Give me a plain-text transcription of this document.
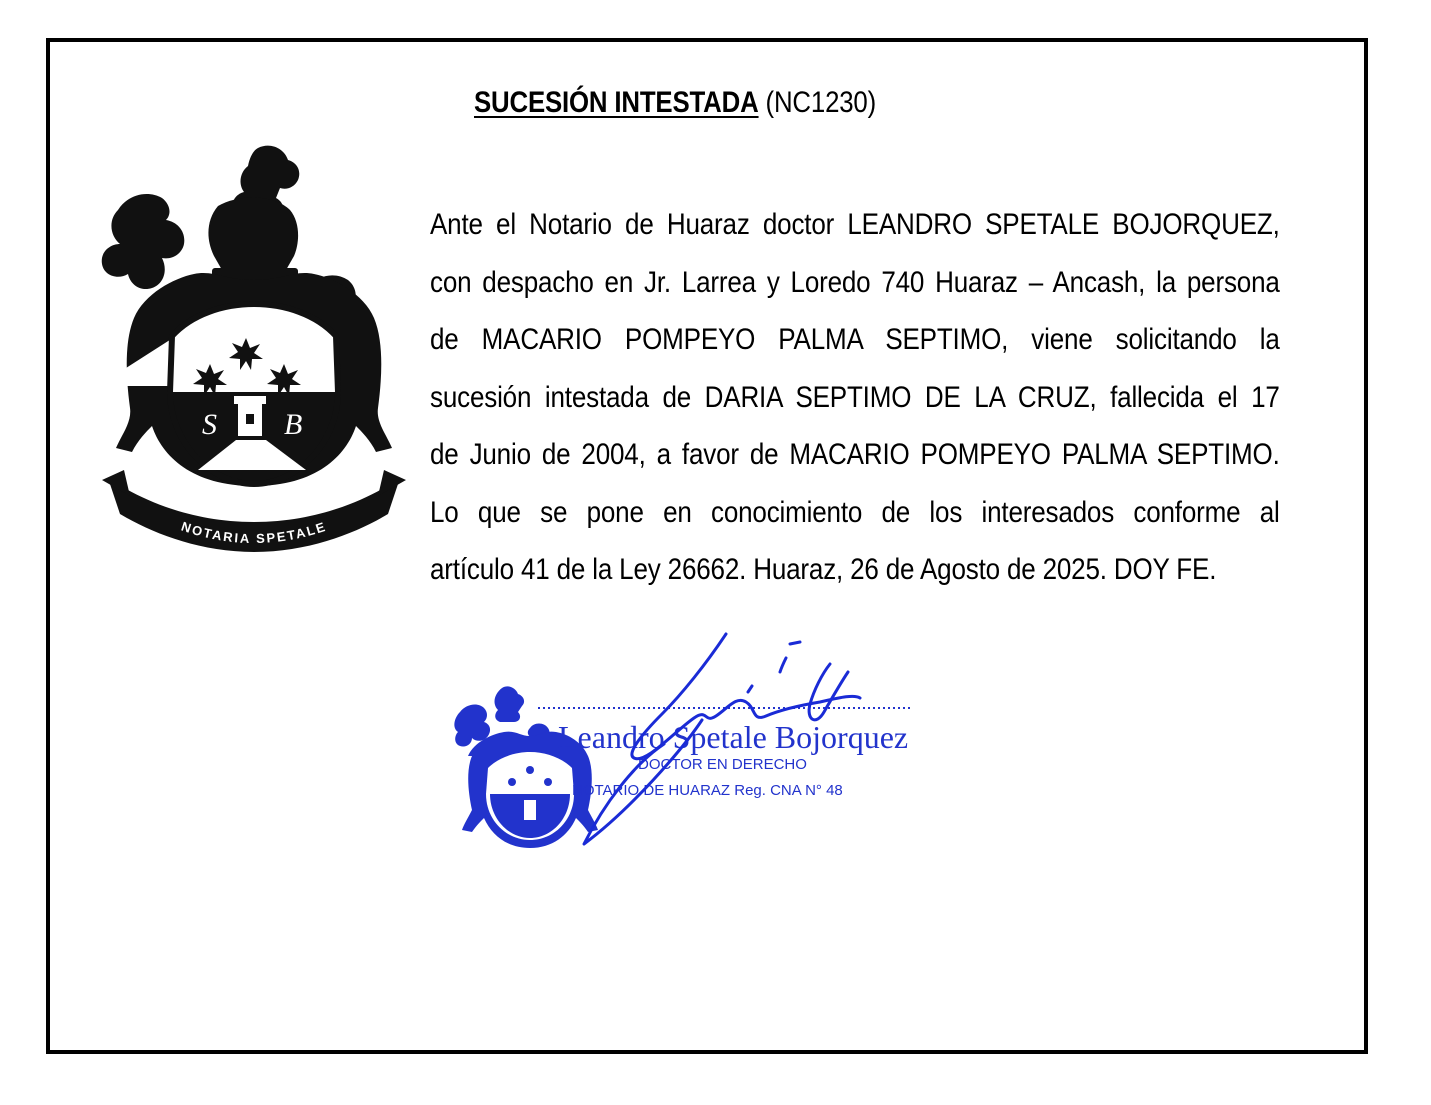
SUCESIÓN INTESTADA (NC1230)
S B
NOTARIA SPETALE
Ante el Notario de Huaraz doctor LEANDRO SPETALE BOJORQUEZ,
con despacho en Jr. Larrea y Loredo 740 Huaraz – Ancash, la persona
de MACARIO POMPEYO PALMA SEPTIMO, viene solicitando la
sucesión intestada de DARIA SEPTIMO DE LA CRUZ, fallecida el 17
de Junio de 2004, a favor de MACARIO POMPEYO PALMA SEPTIMO.
Lo que se pone en conocimiento de los interesados conforme al
artículo 41 de la Ley 26662. Huaraz, 26 de Agosto de 2025. DOY FE.
Leandro Spetale Bojorquez
DOCTOR EN DERECHO
NOTARIO DE HUARAZ Reg. CNA N° 48
